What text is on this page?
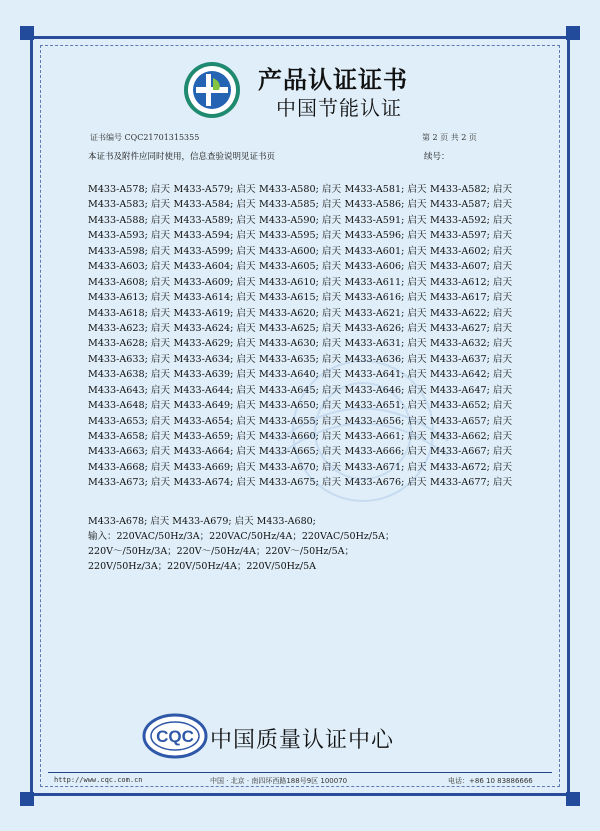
产品认证证书
中国节能认证
证书编号 CQC21701315355	第 2 页 共 2 页
本证书及附件应同时使用，信息查验说明见证书页	续号：
M433-A578; 启天 M433-A579; 启天 M433-A580; 启天 M433-A581; 启天 M433-A582; 启天
M433-A583; 启天 M433-A584; 启天 M433-A585; 启天 M433-A586; 启天 M433-A587; 启天
M433-A588; 启天 M433-A589; 启天 M433-A590; 启天 M433-A591; 启天 M433-A592; 启天
M433-A593; 启天 M433-A594; 启天 M433-A595; 启天 M433-A596; 启天 M433-A597; 启天
M433-A598; 启天 M433-A599; 启天 M433-A600; 启天 M433-A601; 启天 M433-A602; 启天
M433-A603; 启天 M433-A604; 启天 M433-A605; 启天 M433-A606; 启天 M433-A607; 启天
M433-A608; 启天 M433-A609; 启天 M433-A610; 启天 M433-A611; 启天 M433-A612; 启天
M433-A613; 启天 M433-A614; 启天 M433-A615; 启天 M433-A616; 启天 M433-A617; 启天
M433-A618; 启天 M433-A619; 启天 M433-A620; 启天 M433-A621; 启天 M433-A622; 启天
M433-A623; 启天 M433-A624; 启天 M433-A625; 启天 M433-A626; 启天 M433-A627; 启天
M433-A628; 启天 M433-A629; 启天 M433-A630; 启天 M433-A631; 启天 M433-A632; 启天
M433-A633; 启天 M433-A634; 启天 M433-A635; 启天 M433-A636; 启天 M433-A637; 启天
M433-A638; 启天 M433-A639; 启天 M433-A640; 启天 M433-A641; 启天 M433-A642; 启天
M433-A643; 启天 M433-A644; 启天 M433-A645; 启天 M433-A646; 启天 M433-A647; 启天
M433-A648; 启天 M433-A649; 启天 M433-A650; 启天 M433-A651; 启天 M433-A652; 启天
M433-A653; 启天 M433-A654; 启天 M433-A655; 启天 M433-A656; 启天 M433-A657; 启天
M433-A658; 启天 M433-A659; 启天 M433-A660; 启天 M433-A661; 启天 M433-A662; 启天
M433-A663; 启天 M433-A664; 启天 M433-A665; 启天 M433-A666; 启天 M433-A667; 启天
M433-A668; 启天 M433-A669; 启天 M433-A670; 启天 M433-A671; 启天 M433-A672; 启天
M433-A673; 启天 M433-A674; 启天 M433-A675; 启天 M433-A676; 启天 M433-A677; 启天
M433-A678; 启天 M433-A679; 启天 M433-A680;
输入：220VAC/50Hz/3A；220VAC/50Hz/4A；220VAC/50Hz/5A；
220V～/50Hz/3A；220V～/50Hz/4A；220V～/50Hz/5A；
220V/50Hz/3A；220V/50Hz/4A；220V/50Hz/5A
CQC 中国质量认证中心
http://www.cqc.com.cn	中国 · 北京 · 南四环西路188号9区 100070	电话：+86 10 83886666
